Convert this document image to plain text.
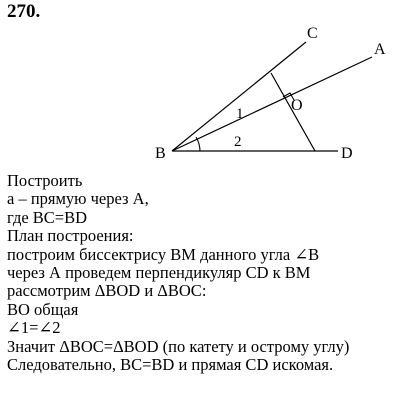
270.
C
A
O
B	D
1
2
Построить
а – прямую через А,
где ВС=BD
План построения:
построим биссектрису ВМ данного угла ∠B
через А проведем перпендикуляр CD к ВМ
рассмотрим ΔBOD и ΔBOC:
ВО общая
∠1=∠2
Значит ΔBOC=ΔBOD (по катету и острому углу)
Следовательно, BC=BD и прямая CD искомая.
